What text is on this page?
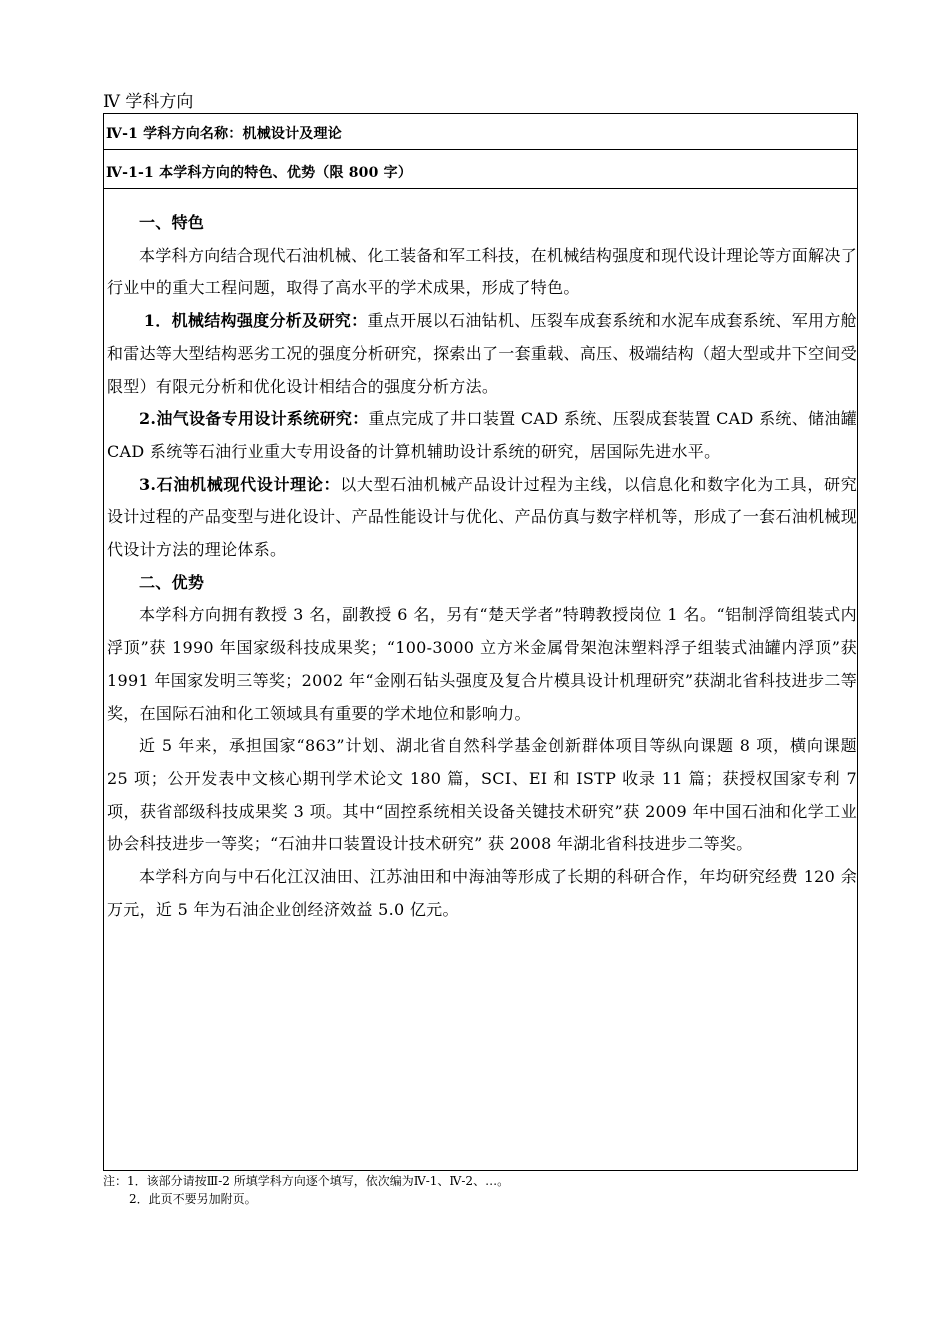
Ⅳ 学科方向
Ⅳ-1 学科方向名称：机械设计及理论
Ⅳ-1-1 本学科方向的特色、优势（限 800 字）

一、特色

本学科方向结合现代石油机械、化工装备和军工科技，在机械结构强度和现代设计理论等方面解决了行业中的重大工程问题，取得了高水平的学术成果，形成了特色。

1．机械结构强度分析及研究：重点开展以石油钻机、压裂车成套系统和水泥车成套系统、军用方舱和雷达等大型结构恶劣工况的强度分析研究，探索出了一套重载、高压、极端结构（超大型或井下空间受限型）有限元分析和优化设计相结合的强度分析方法。

2.油气设备专用设计系统研究：重点完成了井口装置 CAD 系统、压裂成套装置 CAD 系统、储油罐 CAD 系统等石油行业重大专用设备的计算机辅助设计系统的研究，居国际先进水平。

3.石油机械现代设计理论：以大型石油机械产品设计过程为主线，以信息化和数字化为工具，研究设计过程的产品变型与进化设计、产品性能设计与优化、产品仿真与数字样机等，形成了一套石油机械现代设计方法的理论体系。

二、优势

本学科方向拥有教授 3 名，副教授 6 名，另有“楚天学者”特聘教授岗位 1 名。“铝制浮筒组装式内浮顶”获 1990 年国家级科技成果奖；“100-3000 立方米金属骨架泡沫塑料浮子组装式油罐内浮顶”获 1991 年国家发明三等奖；2002 年“金刚石钻头强度及复合片模具设计机理研究”获湖北省科技进步二等奖，在国际石油和化工领域具有重要的学术地位和影响力。

近 5 年来，承担国家“863”计划、湖北省自然科学基金创新群体项目等纵向课题 8 项，横向课题 25 项；公开发表中文核心期刊学术论文 180 篇，SCI、EI 和 ISTP 收录 11 篇；获授权国家专利 7 项，获省部级科技成果奖 3 项。其中“固控系统相关设备关键技术研究”获 2009 年中国石油和化学工业协会科技进步一等奖；“石油井口装置设计技术研究” 获 2008 年湖北省科技进步二等奖。

本学科方向与中石化江汉油田、江苏油田和中海油等形成了长期的科研合作，年均研究经费 120 余万元，近 5 年为石油企业创经济效益 5.0 亿元。

注：1．该部分请按Ⅲ-2 所填学科方向逐个填写，依次编为Ⅳ-1、Ⅳ-2、…。
2．此页不要另加附页。
